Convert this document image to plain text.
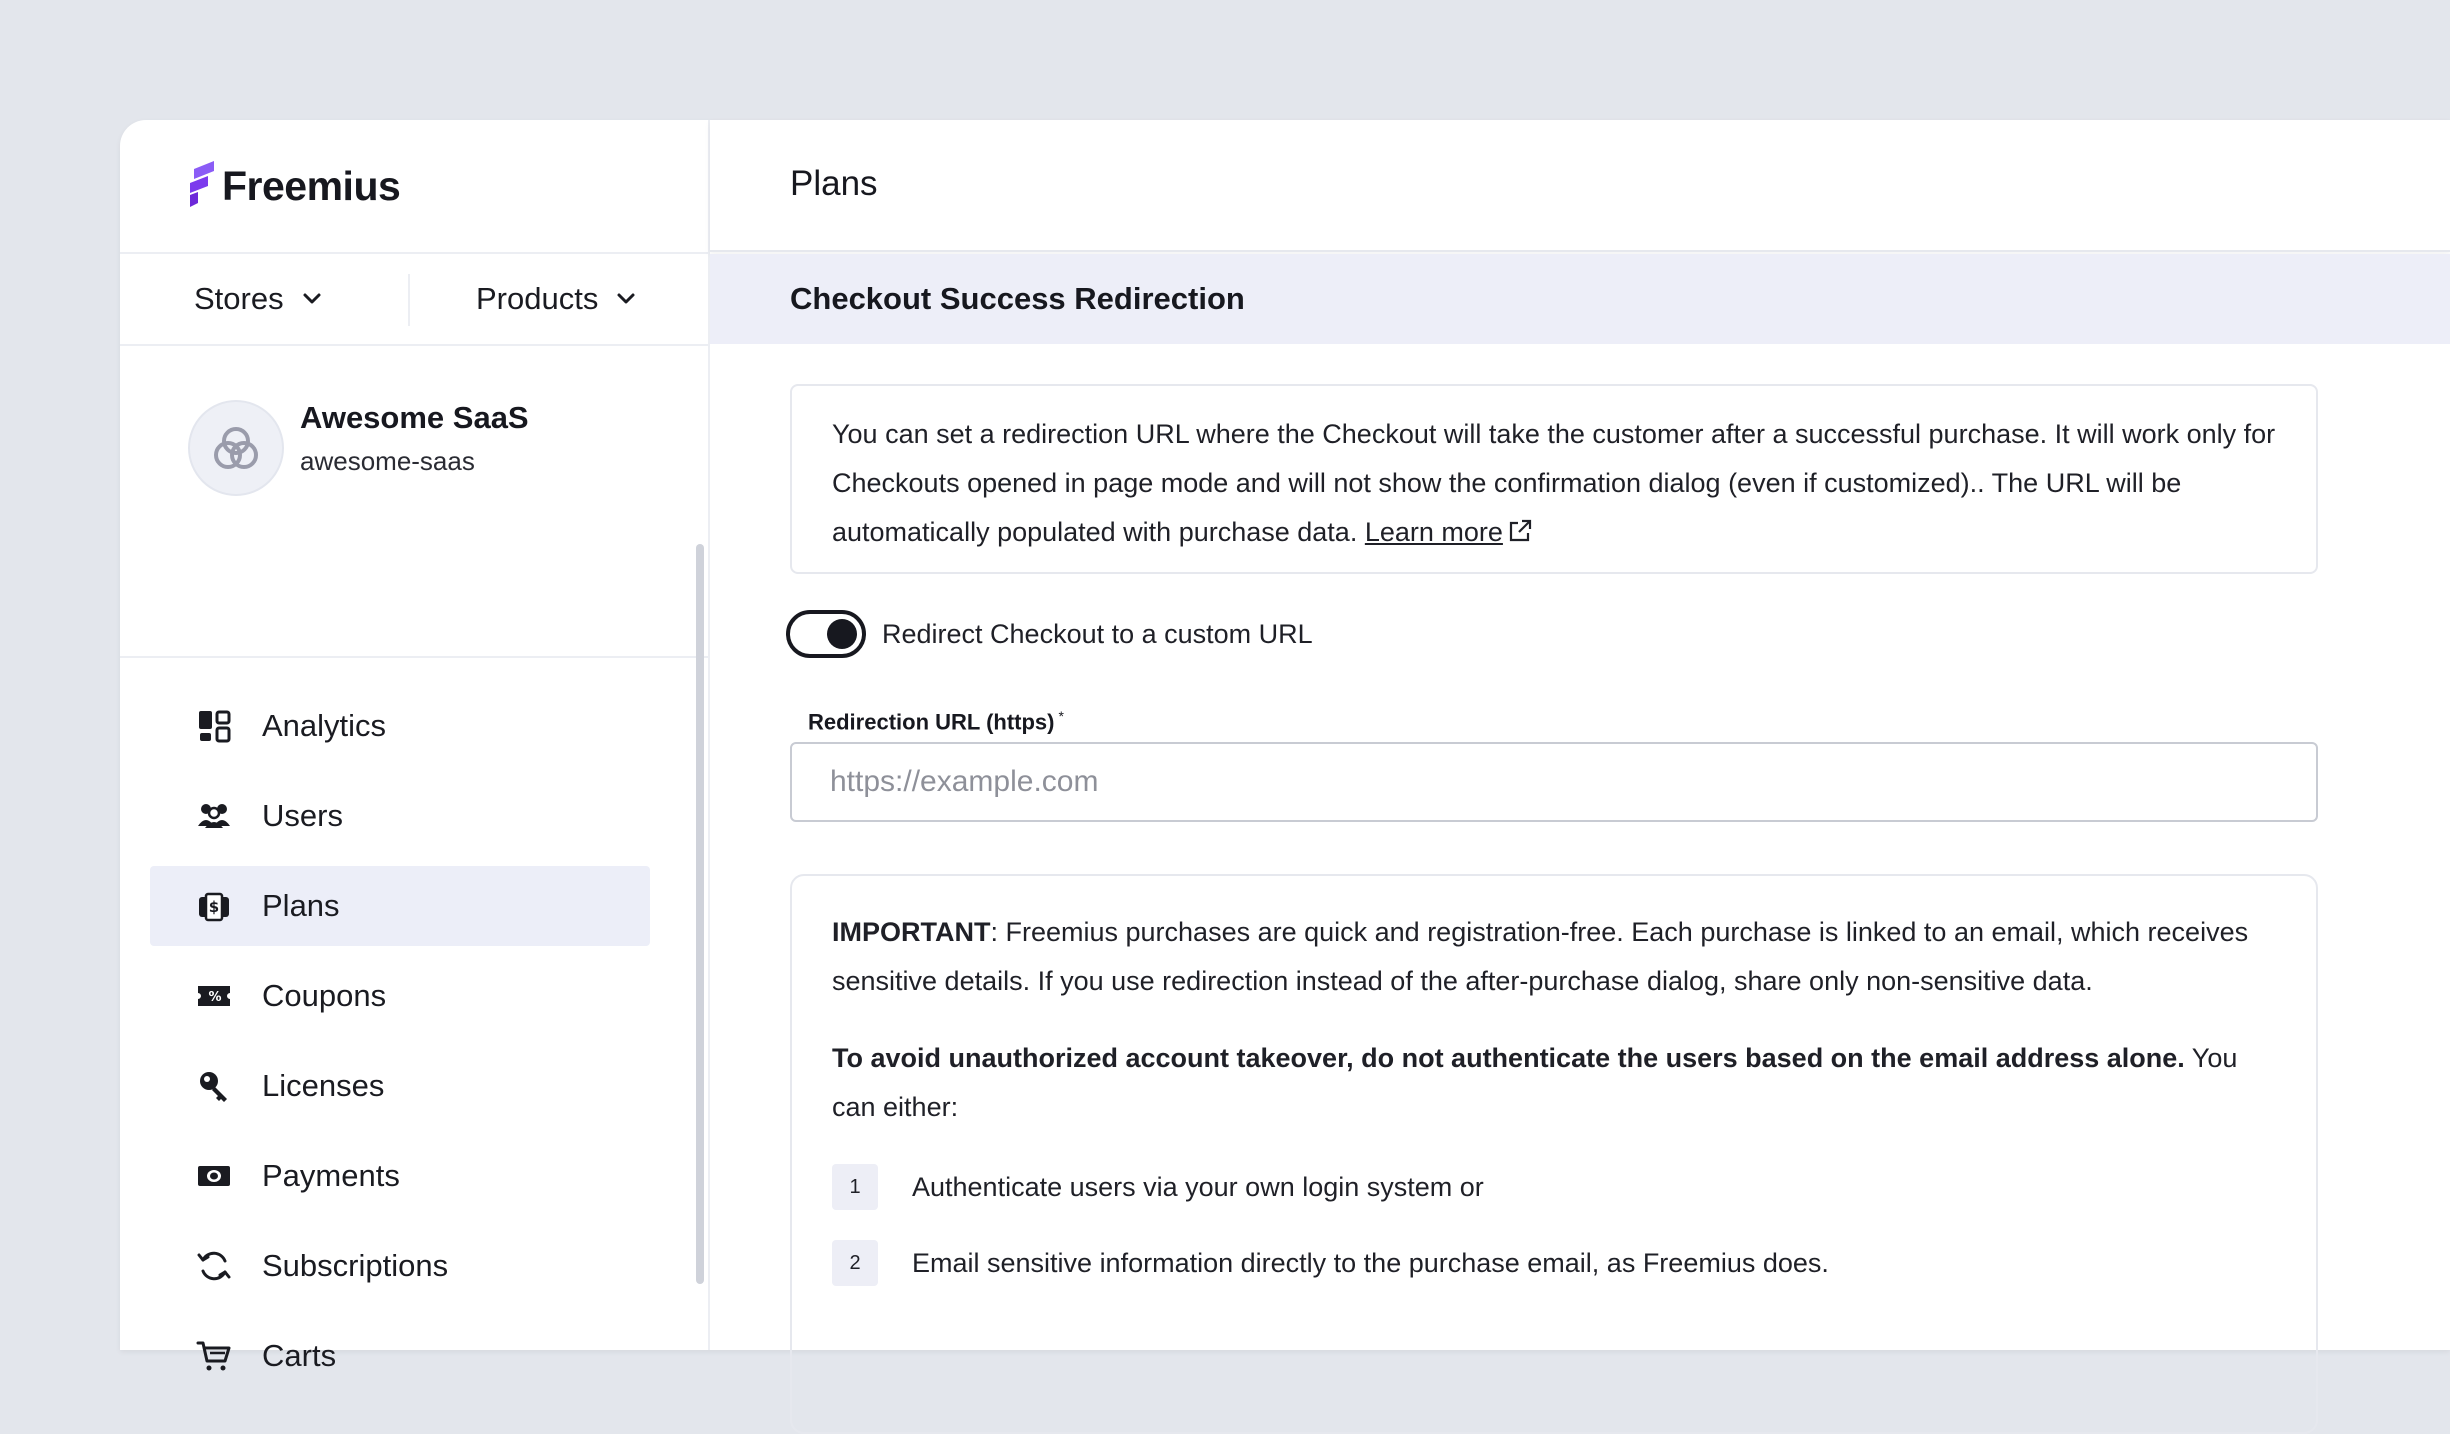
Freemius
Stores	Products
Awesome SaaS
awesome-saas
Analytics
Users
$ Plans
% Coupons
Licenses
Payments
Subscriptions
Carts
Plans
Checkout Success Redirection
You can set a redirection URL where the Checkout will take the customer after a successful purchase. It will work only for Checkouts opened in page mode and will not show the confirmation dialog (even if customized).. The URL will be automatically populated with purchase data. Learn more
Redirect Checkout to a custom URL
Redirection URL (https) *
https://example.com

IMPORTANT: Freemius purchases are quick and registration-free. Each purchase is linked to an email, which receives sensitive details. If you use redirection instead of the after-purchase dialog, share only non-sensitive data.

To avoid unauthorized account takeover, do not authenticate the users based on the email address alone. You can either:

1	Authenticate users via your own login system or
2	Email sensitive information directly to the purchase email, as Freemius does.
